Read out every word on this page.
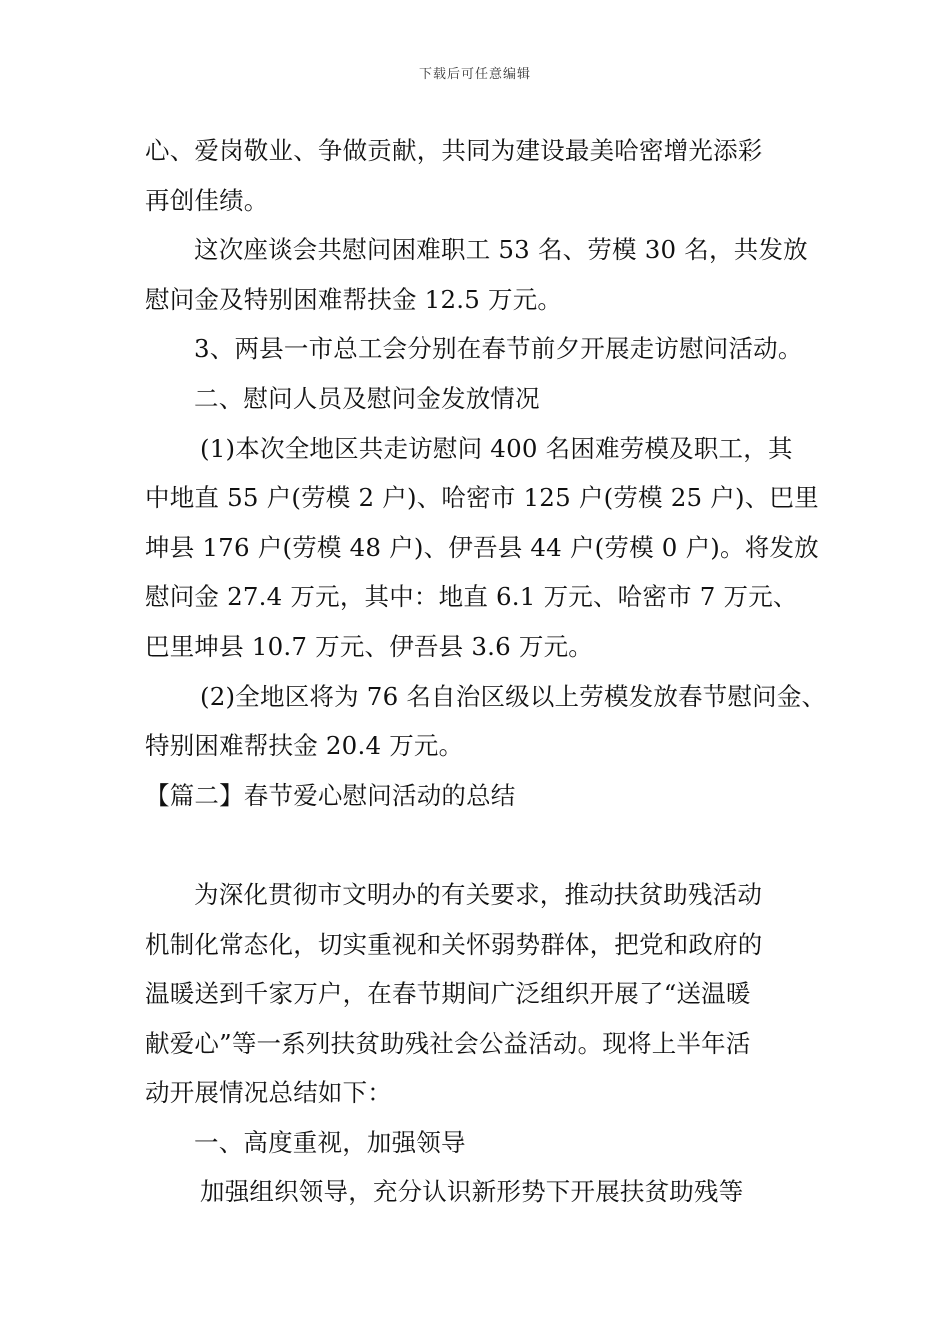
下载后可任意编辑
心、爱岗敬业、争做贡献，共同为建设最美哈密增光添彩
再创佳绩。
这次座谈会共慰问困难职工 53 名、劳模 30 名，共发放
慰问金及特别困难帮扶金 12.5 万元。
3、两县一市总工会分别在春节前夕开展走访慰问活动。
二、慰问人员及慰问金发放情况
(1)本次全地区共走访慰问 400 名困难劳模及职工，其
中地直 55 户(劳模 2 户)、哈密市 125 户(劳模 25 户)、巴里
坤县 176 户(劳模 48 户)、伊吾县 44 户(劳模 0 户)。将发放
慰问金 27.4 万元，其中：地直 6.1 万元、哈密市 7 万元、
巴里坤县 10.7 万元、伊吾县 3.6 万元。
(2)全地区将为 76 名自治区级以上劳模发放春节慰问金、
特别困难帮扶金 20.4 万元。
【篇二】春节爱心慰问活动的总结
为深化贯彻市文明办的有关要求，推动扶贫助残活动
机制化常态化，切实重视和关怀弱势群体，把党和政府的
温暖送到千家万户，在春节期间广泛组织开展了“送温暖
献爱心”等一系列扶贫助残社会公益活动。现将上半年活
动开展情况总结如下：
一、高度重视，加强领导
加强组织领导，充分认识新形势下开展扶贫助残等
